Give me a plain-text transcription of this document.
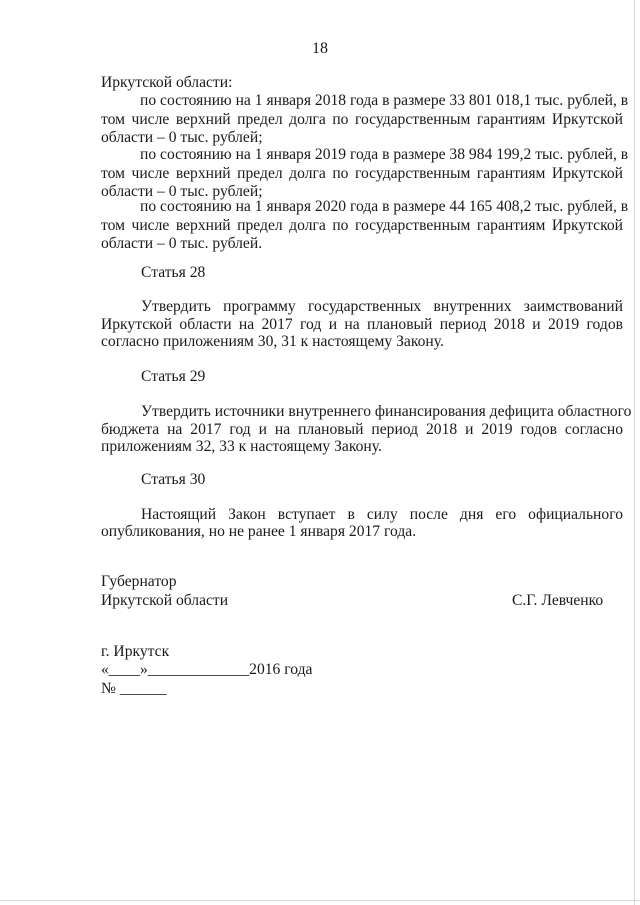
18
Иркутской области:
по состоянию на 1 января 2018 года в размере 33 801 018,1 тыс. рублей, в
том числе верхний предел долга по государственным гарантиям Иркутской
области – 0 тыс. рублей;
по состоянию на 1 января 2019 года в размере 38 984 199,2 тыс. рублей, в
том числе верхний предел долга по государственным гарантиям Иркутской
области – 0 тыс. рублей;
по состоянию на 1 января 2020 года в размере 44 165 408,2 тыс. рублей, в
том числе верхний предел долга по государственным гарантиям Иркутской
области – 0 тыс. рублей.
Статья 28
Утвердить программу государственных внутренних заимствований
Иркутской области на 2017 год и на плановый период 2018 и 2019 годов
согласно приложениям 30, 31 к настоящему Закону.
Статья 29
Утвердить источники внутреннего финансирования дефицита областного
бюджета на 2017 год и на плановый период 2018 и 2019 годов согласно
приложениям 32, 33 к настоящему Закону.
Статья 30
Настоящий Закон вступает в силу после дня его официального
опубликования, но не ранее 1 января 2017 года.
Губернатор
Иркутской области	С.Г. Левченко
г. Иркутск
«____»_____________2016 года
№ ______
